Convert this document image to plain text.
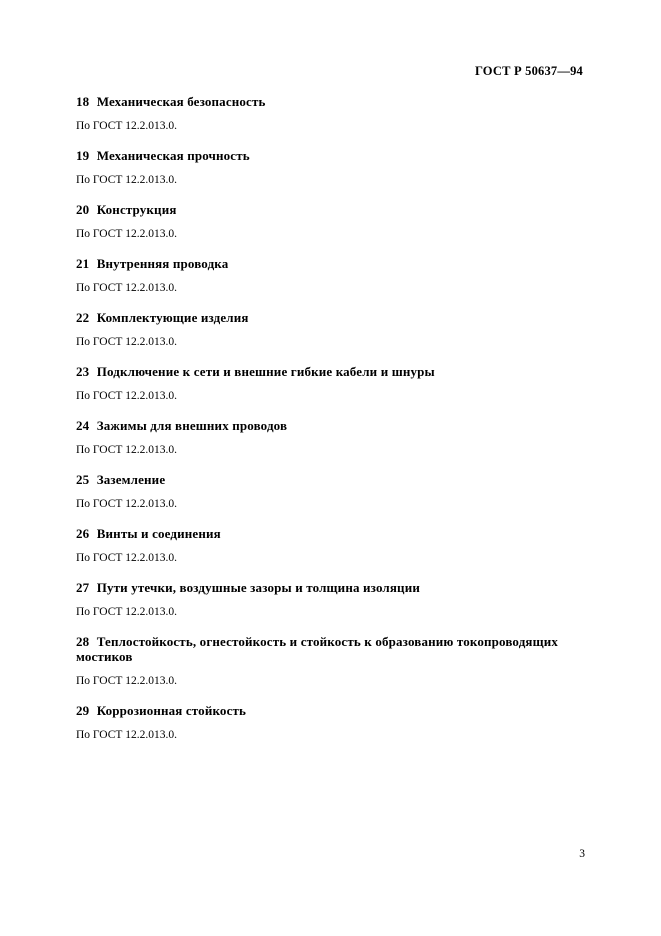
ГОСТ Р 50637—94
18 Механическая безопасность
По ГОСТ 12.2.013.0.
19 Механическая прочность
По ГОСТ 12.2.013.0.
20 Конструкция
По ГОСТ 12.2.013.0.
21 Внутренняя проводка
По ГОСТ 12.2.013.0.
22 Комплектующие изделия
По ГОСТ 12.2.013.0.
23 Подключение к сети и внешние гибкие кабели и шнуры
По ГОСТ 12.2.013.0.
24 Зажимы для внешних проводов
По ГОСТ 12.2.013.0.
25 Заземление
По ГОСТ 12.2.013.0.
26 Винты и соединения
По ГОСТ 12.2.013.0.
27 Пути утечки, воздушные зазоры и толщина изоляции
По ГОСТ 12.2.013.0.
28 Теплостойкость, огнестойкость и стойкость к образованию токопроводящих мостиков
По ГОСТ 12.2.013.0.
29 Коррозионная стойкость
По ГОСТ 12.2.013.0.
3
